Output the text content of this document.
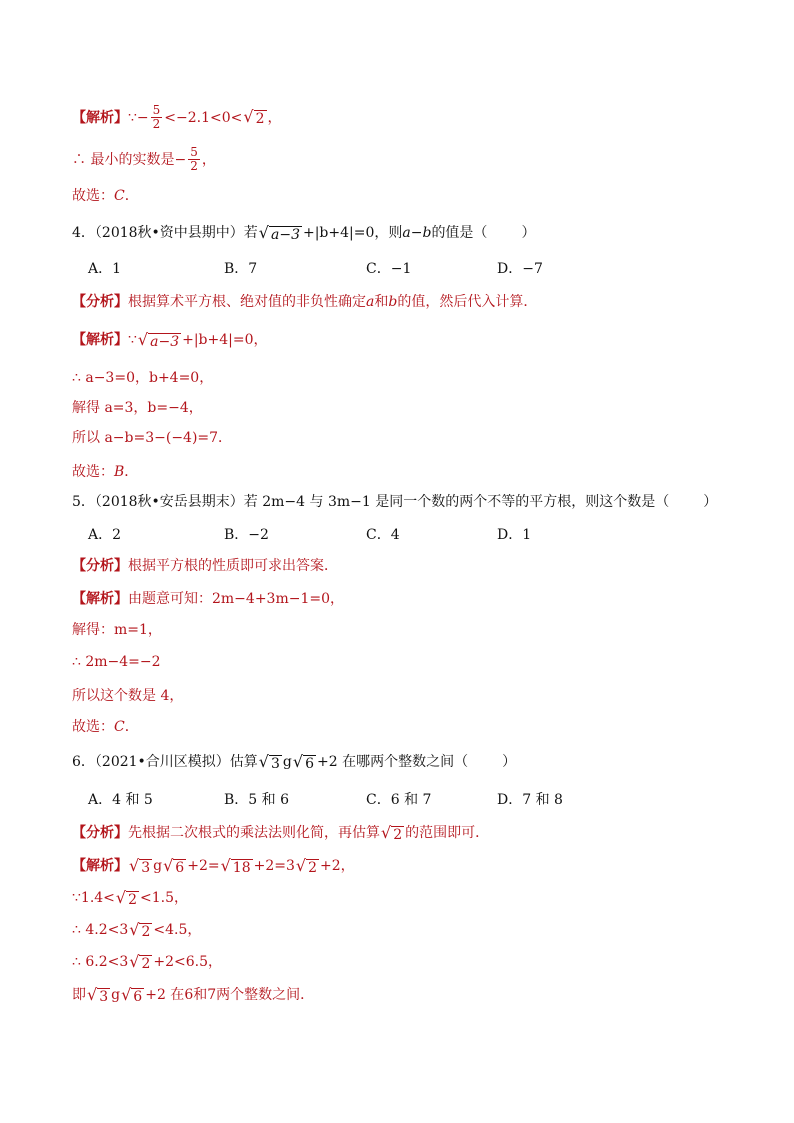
【解析】 ∵ − $\frac{5}{2} <-2.1<0<$ √ 2 ，
∴ 最小的实数是 − $\frac{5}{2}$ ，
故选： C ．
4．（2018秋•资中县期中）若 √ a−3 +|b+4|=0，则 a−b 的值是（ ）
A．1	B．7	C．−1	D．−7
【分析】 根据算术平方根、绝对值的非负性确定 a 和 b 的值，然后代入计算．
【解析】 ∵ √ a−3 +|b+4|=0，
∴ a−3=0，b+4=0，
解得 a=3，b=−4，
所以 a−b=3−(−4)=7．
故选： B ．
5．（2018秋•安岳县期末）若 2m−4 与 3m−1 是同一个数的两个不等的平方根，则这个数是（ ）
A．2	B．−2	C．4	D．1
【分析】 根据平方根的性质即可求出答案．
【解析】 由题意可知：2m−4+3m−1=0，
解得：m=1，
∴ 2m−4=−2
所以这个数是 4，
故选： C ．
6．（2021•合川区模拟）估算 √ 3 g √ 6 +2 在哪两个整数之间（ ）
A．4 和 5	B．5 和 6	C．6 和 7	D．7 和 8
【分析】 先根据二次根式的乘法法则化简，再估算 √ 2 的范围即可．
【解析】 √ 3 g √ 6 +2= √ 18 +2=3 √ 2 +2，
∵ 1.4< √ 2 <1.5，
∴ 4.2<3 √ 2 <4.5，
∴ 6.2<3 √ 2 +2<6.5，
即 √ 3 g √ 6 +2 在 6 和 7 两个整数之间．
